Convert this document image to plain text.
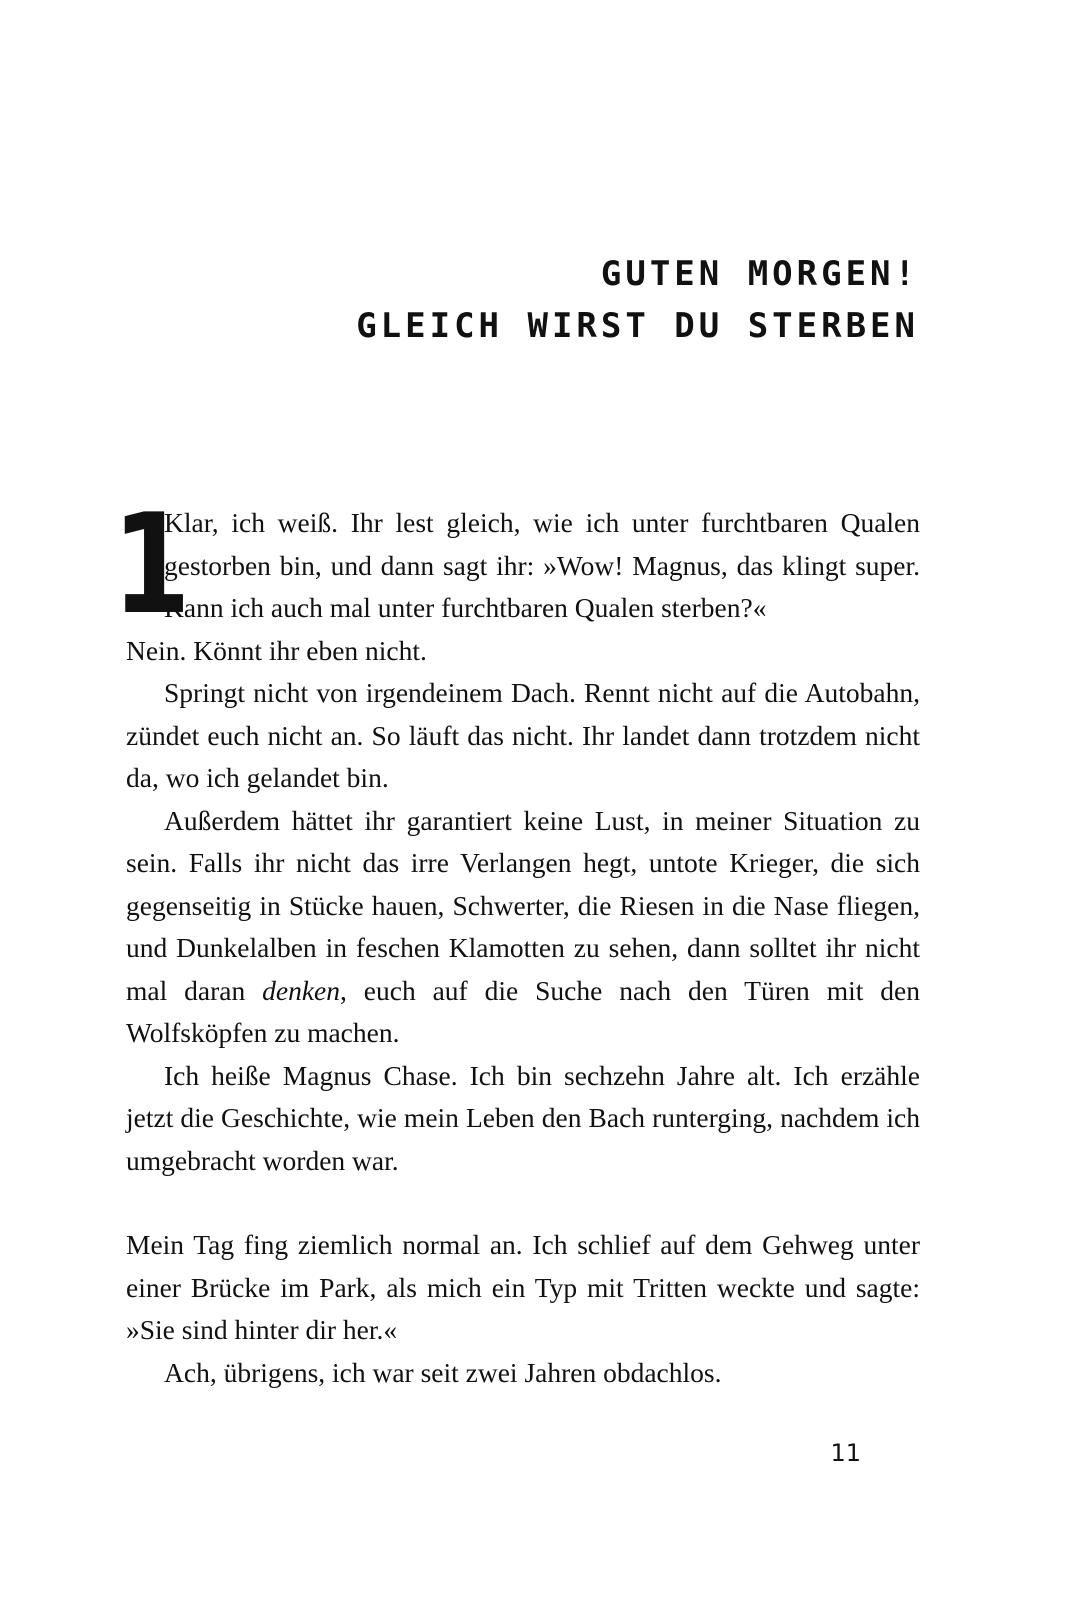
GUTEN MORGEN!
GLEICH WIRST DU STERBEN
1

Klar, ich weiß. Ihr lest gleich, wie ich unter furchtbaren Qualen gestorben bin, und dann sagt ihr: »Wow! Magnus, das klingt super. Kann ich auch mal unter furchtbaren Qualen sterben?«
Nein. Könnt ihr eben nicht.

Springt nicht von irgendeinem Dach. Rennt nicht auf die Autobahn, zündet euch nicht an. So läuft das nicht. Ihr landet dann trotzdem nicht da, wo ich gelandet bin.

Außerdem hättet ihr garantiert keine Lust, in meiner Situation zu sein. Falls ihr nicht das irre Verlangen hegt, untote Krieger, die sich gegenseitig in Stücke hauen, Schwerter, die Riesen in die Nase fliegen, und Dunkelalben in feschen Klamotten zu sehen, dann solltet ihr nicht mal daran denken, euch auf die Suche nach den Türen mit den Wolfsköpfen zu machen.

Ich heiße Magnus Chase. Ich bin sechzehn Jahre alt. Ich erzähle jetzt die Geschichte, wie mein Leben den Bach runterging, nachdem ich umgebracht worden war.

Mein Tag fing ziemlich normal an. Ich schlief auf dem Gehweg unter einer Brücke im Park, als mich ein Typ mit Tritten weckte und sagte: »Sie sind hinter dir her.«

Ach, übrigens, ich war seit zwei Jahren obdachlos.

11
